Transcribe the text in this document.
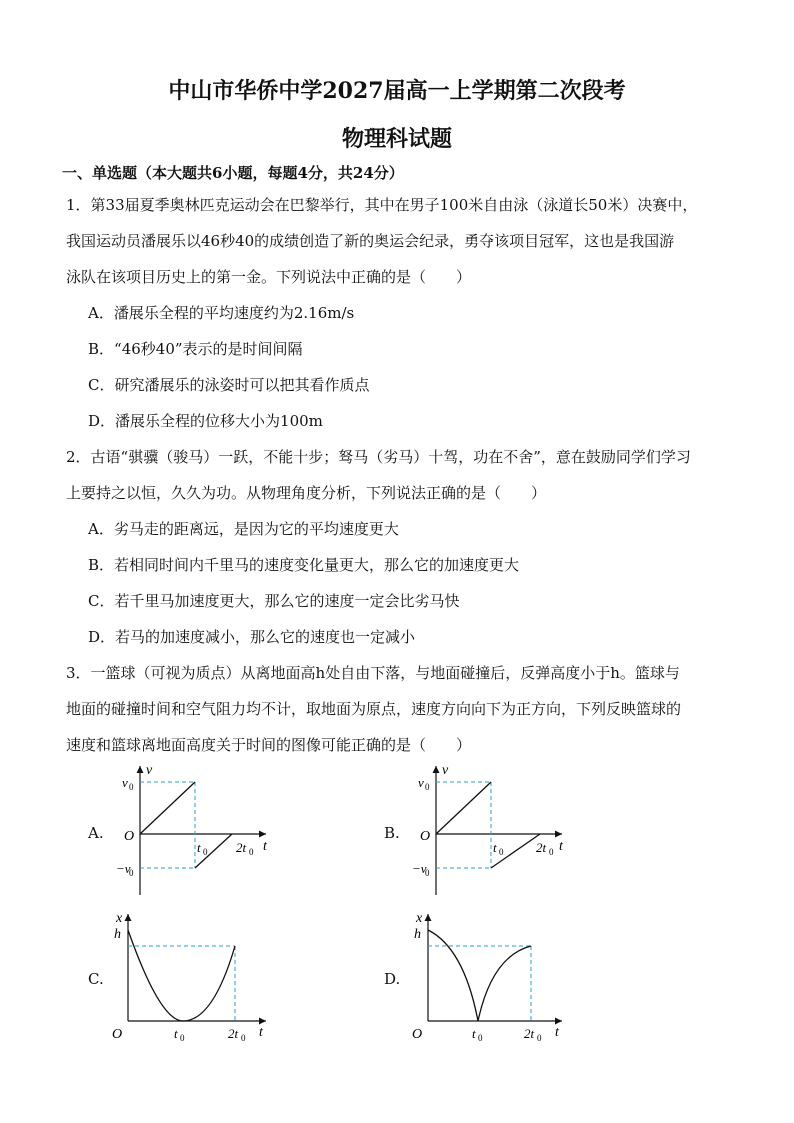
中山市华侨中学2027届高一上学期第二次段考
物理科试题
一、单选题（本大题共6小题，每题4分，共24分）
1．第33届夏季奥林匹克运动会在巴黎举行，其中在男子100米自由泳（泳道长50米）决赛中，
我国运动员潘展乐以46秒40的成绩创造了新的奥运会纪录，勇夺该项目冠军，这也是我国游
泳队在该项目历史上的第一金。下列说法中正确的是（　　）
A．潘展乐全程的平均速度约为2.16m/s
B．“46秒40”表示的是时间间隔
C．研究潘展乐的泳姿时可以把其看作质点
D．潘展乐全程的位移大小为100m
2．古语“骐骥（骏马）一跃，不能十步；驽马（劣马）十驾，功在不舍”，意在鼓励同学们学习
上要持之以恒，久久为功。从物理角度分析，下列说法正确的是（　　）
A．劣马走的距离远，是因为它的平均速度更大
B．若相同时间内千里马的速度变化量更大，那么它的加速度更大
C．若千里马加速度更大，那么它的速度一定会比劣马快
D．若马的加速度减小，那么它的速度也一定减小
3．一篮球（可视为质点）从离地面高h处自由下落，与地面碰撞后，反弹高度小于h。篮球与
地面的碰撞时间和空气阻力均不计，取地面为原点，速度方向向下为正方向，下列反映篮球的
速度和篮球离地面高度关于时间的图像可能正确的是（　　）
A.	B.
C.	D.
v
v 0
O
−v
0
t 0 2t 0 t
v
v 0
O
−v
0
t 0	2t 0 t
x
h
O	t 0	2t 0 t
x
h
O	t 0	2t 0 t
